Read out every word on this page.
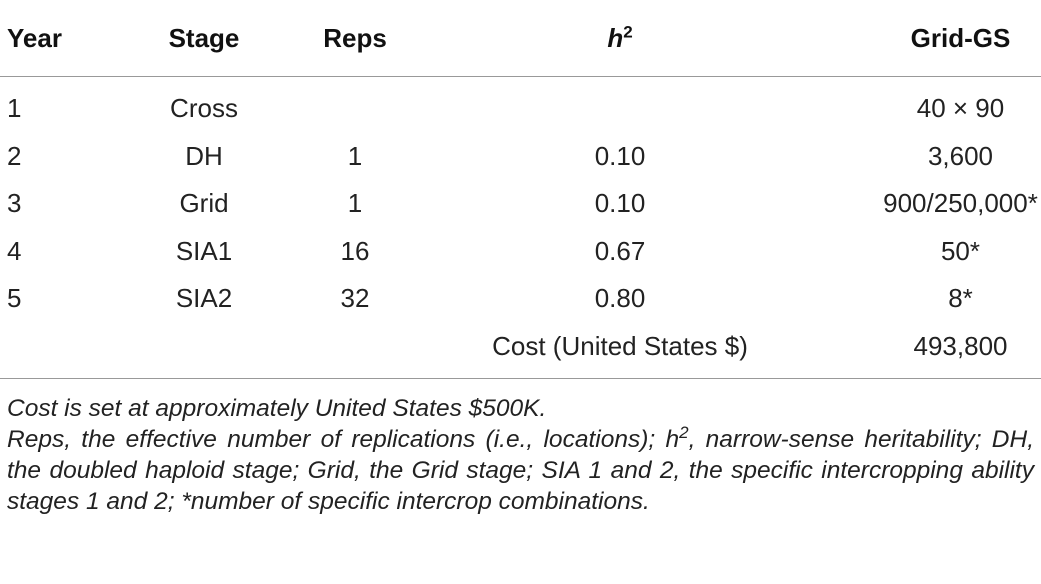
Year	Stage	Reps	$h^2$	Grid-GS
1	Cross			40 × 90
2	DH	1	0.10	3,600
3	Grid	1	0.10	900/250,000*
4	SIA1	16	0.67	50*
5	SIA2	32	0.80	8*
			Cost (United States $)	493,800

Cost is set at approximately United States $500K.

Reps, the effective number of replications (i.e., locations); $h^2$, narrow-sense heritability; DH, the doubled haploid stage; Grid, the Grid stage; SIA 1 and 2, the specific intercropping ability stages 1 and 2; *number of specific intercrop combinations.
